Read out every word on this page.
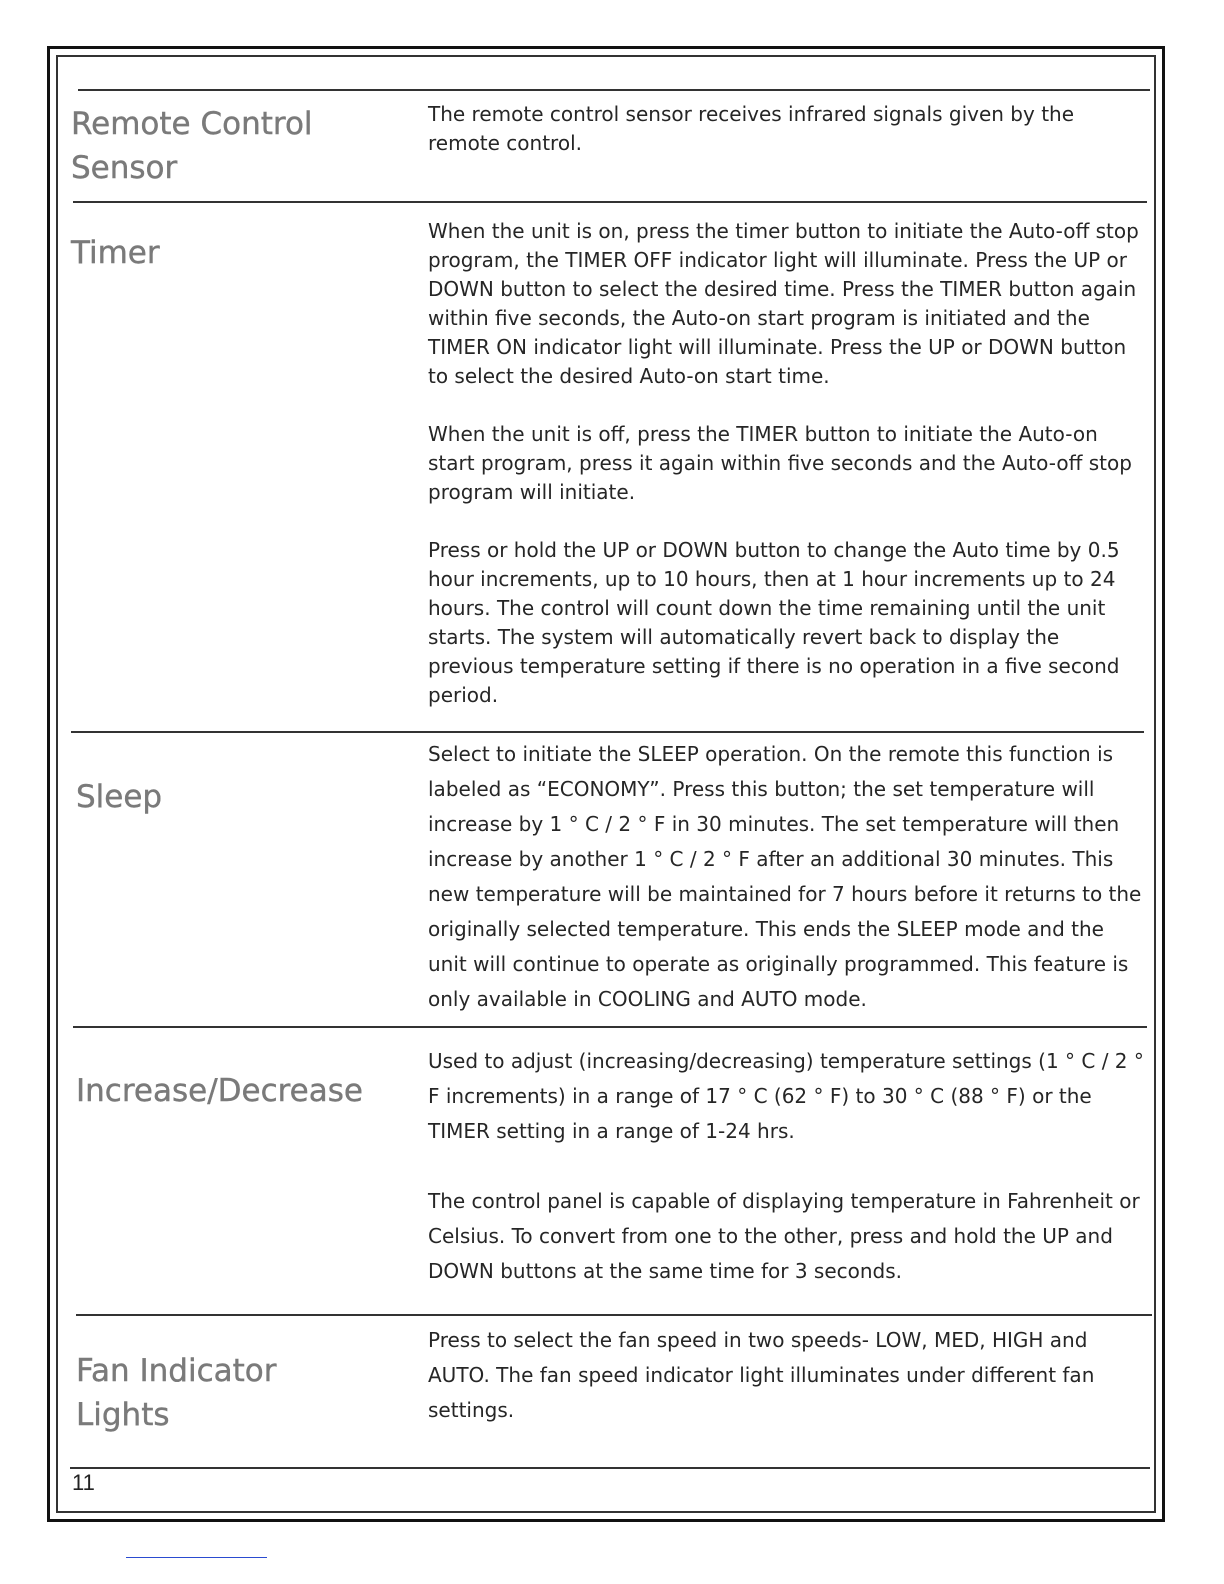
Remote Control
Sensor

The remote control sensor receives infrared signals given by the remote control.

Timer

When the unit is on, press the timer button to initiate the Auto-off stop program, the TIMER OFF indicator light will illuminate. Press the UP or DOWN button to select the desired time. Press the TIMER button again within five seconds, the Auto-on start program is initiated and the TIMER ON indicator light will illuminate. Press the UP or DOWN button to select the desired Auto-on start time.

When the unit is off, press the TIMER button to initiate the Auto-on start program, press it again within five seconds and the Auto-off stop program will initiate.

Press or hold the UP or DOWN button to change the Auto time by 0.5 hour increments, up to 10 hours, then at 1 hour increments up to 24 hours. The control will count down the time remaining until the unit starts. The system will automatically revert back to display the previous temperature setting if there is no operation in a five second period.

Sleep

Select to initiate the SLEEP operation. On the remote this function is labeled as “ECONOMY”. Press this button; the set temperature will increase by 1 ° C / 2 ° F in 30 minutes. The set temperature will then increase by another 1 ° C / 2 ° F after an additional 30 minutes. This new temperature will be maintained for 7 hours before it returns to the originally selected temperature. This ends the SLEEP mode and the unit will continue to operate as originally programmed. This feature is only available in COOLING and AUTO mode.

Increase/Decrease

Used to adjust (increasing/decreasing) temperature settings (1 ° C / 2 ° F increments) in a range of 17 ° C (62 ° F) to 30 ° C (88 ° F) or the TIMER setting in a range of 1-24 hrs.

The control panel is capable of displaying temperature in Fahrenheit or Celsius. To convert from one to the other, press and hold the UP and DOWN buttons at the same time for 3 seconds.

Fan Indicator
Lights

Press to select the fan speed in two speeds- LOW, MED, HIGH and AUTO. The fan speed indicator light illuminates under different fan settings.

11
